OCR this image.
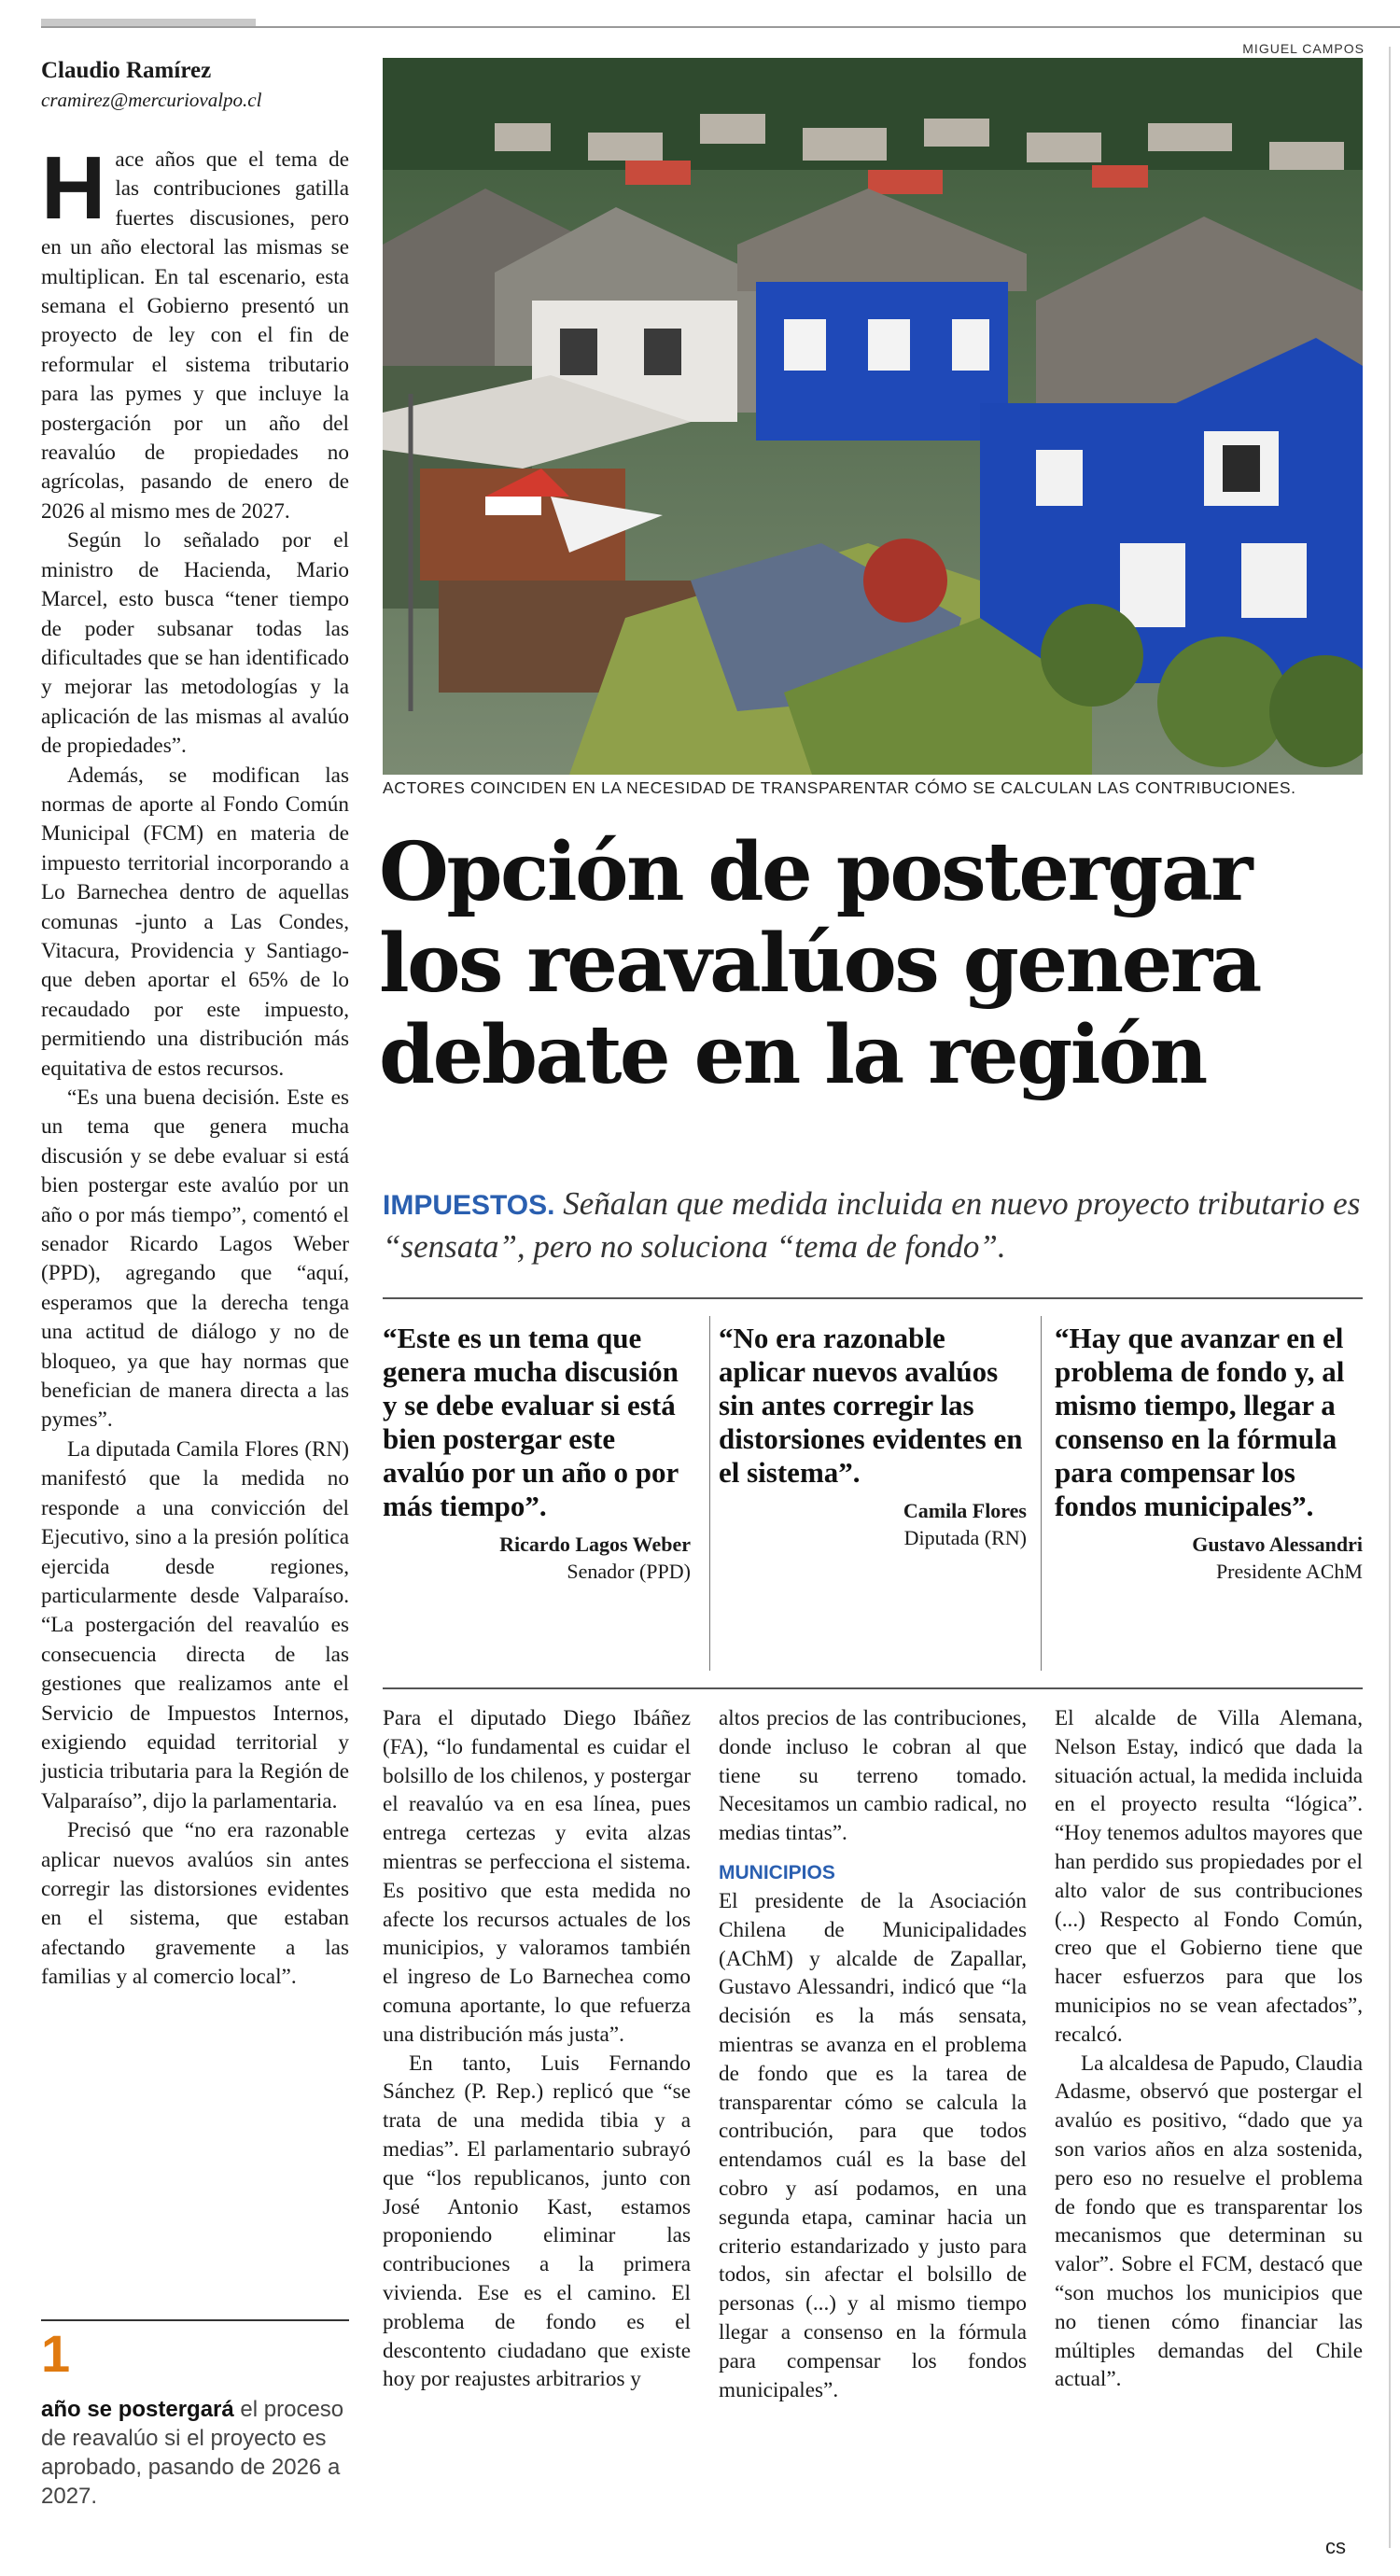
Claudio Ramírez
cramirez@mercuriovalpo.cl

Hace años que el tema de las contribuciones gatilla fuertes discusiones, pero en un año electoral las mismas se multiplican. En tal escenario, esta semana el Gobierno presentó un proyecto de ley con el fin de reformular el sistema tributario para las pymes y que incluye la postergación por un año del reavalúo de propiedades no agrícolas, pasando de enero de 2026 al mismo mes de 2027.

Según lo señalado por el ministro de Hacienda, Mario Marcel, esto busca “tener tiempo de poder subsanar todas las dificultades que se han identificado y mejorar las metodologías y la aplicación de las mismas al avalúo de propiedades”.

Además, se modifican las normas de aporte al Fondo Común Municipal (FCM) en materia de impuesto territorial incorporando a Lo Barnechea dentro de aquellas comunas -junto a Las Condes, Vitacura, Providencia y Santiago- que deben aportar el 65% de lo recaudado por este impuesto, permitiendo una distribución más equitativa de estos recursos.

“Es una buena decisión. Este es un tema que genera mucha discusión y se debe evaluar si está bien postergar este avalúo por un año o por más tiempo”, comentó el senador Ricardo Lagos Weber (PPD), agregando que “aquí, esperamos que la derecha tenga una actitud de diálogo y no de bloqueo, ya que hay normas que benefician de manera directa a las pymes”.

La diputada Camila Flores (RN) manifestó que la medida no responde a una convicción del Ejecutivo, sino a la presión política ejercida desde regiones, particularmente desde Valparaíso. “La postergación del reavalúo es consecuencia directa de las gestiones que realizamos ante el Servicio de Impuestos Internos, exigiendo equidad territorial y justicia tributaria para la Región de Valparaíso”, dijo la parlamentaria.

Precisó que “no era razonable aplicar nuevos avalúos sin antes corregir las distorsiones evidentes en el sistema, que estaban afectando gravemente a las familias y al comercio local”.

1
año se postergará el proceso de reavalúo si el proyecto es aprobado, pasando de 2026 a 2027.
MIGUEL CAMPOS
ACTORES COINCIDEN EN LA NECESIDAD DE TRANSPARENTAR CÓMO SE CALCULAN LAS CONTRIBUCIONES.
Opción de postergar
los reavalúos genera
debate en la región
IMPUESTOS. Señalan que medida incluida en nuevo proyecto tributario es “sensata”, pero no soluciona “tema de fondo”.
“Este es un tema que genera mucha discusión y se debe evaluar si está bien postergar este avalúo por un año o por más tiempo”.
Ricardo Lagos Weber
Senador (PPD)
“No era razonable aplicar nuevos avalúos sin antes corregir las distorsiones evidentes en el sistema”.
Camila Flores
Diputada (RN)
“Hay que avanzar en el problema de fondo y, al mismo tiempo, llegar a consenso en la fórmula para compensar los fondos municipales”.
Gustavo Alessandri
Presidente AChM

Para el diputado Diego Ibáñez (FA), “lo fundamental es cuidar el bolsillo de los chilenos, y postergar el reavalúo va en esa línea, pues entrega certezas y evita alzas mientras se perfecciona el sistema. Es positivo que esta medida no afecte los recursos actuales de los municipios, y valoramos también el ingreso de Lo Barnechea como comuna aportante, lo que refuerza una distribución más justa”.

En tanto, Luis Fernando Sánchez (P. Rep.) replicó que “se trata de una medida tibia y a medias”. El parlamentario subrayó que “los republicanos, junto con José Antonio Kast, estamos proponiendo eliminar las contribuciones a la primera vivienda. Ese es el camino. El problema de fondo es el descontento ciudadano que existe hoy por reajustes arbitrarios y

altos precios de las contribuciones, donde incluso le cobran al que tiene su terreno tomado. Necesitamos un cambio radical, no medias tintas”.

MUNICIPIOS

El presidente de la Asociación Chilena de Municipalidades (AChM) y alcalde de Zapallar, Gustavo Alessandri, indicó que “la decisión es la más sensata, mientras se avanza en el problema de fondo que es la tarea de transparentar cómo se calcula la contribución, para que todos entendamos cuál es la base del cobro y así podamos, en una segunda etapa, caminar hacia un criterio estandarizado y justo para todos, sin afectar el bolsillo de personas (...) y al mismo tiempo llegar a consenso en la fórmula para compensar los fondos municipales”.

El alcalde de Villa Alemana, Nelson Estay, indicó que dada la situación actual, la medida incluida en el proyecto resulta “lógica”. “Hoy tenemos adultos mayores que han perdido sus propiedades por el alto valor de sus contribuciones (...) Respecto al Fondo Común, creo que el Gobierno tiene que hacer esfuerzos para que los municipios no se vean afectados”, recalcó.

La alcaldesa de Papudo, Claudia Adasme, observó que postergar el avalúo es positivo, “dado que ya son varios años en alza sostenida, pero eso no resuelve el problema de fondo que es transparentar los mecanismos que determinan su valor”. Sobre el FCM, destacó que “son muchos los municipios que no tienen cómo financiar las múltiples demandas del Chile actual”.

cs
